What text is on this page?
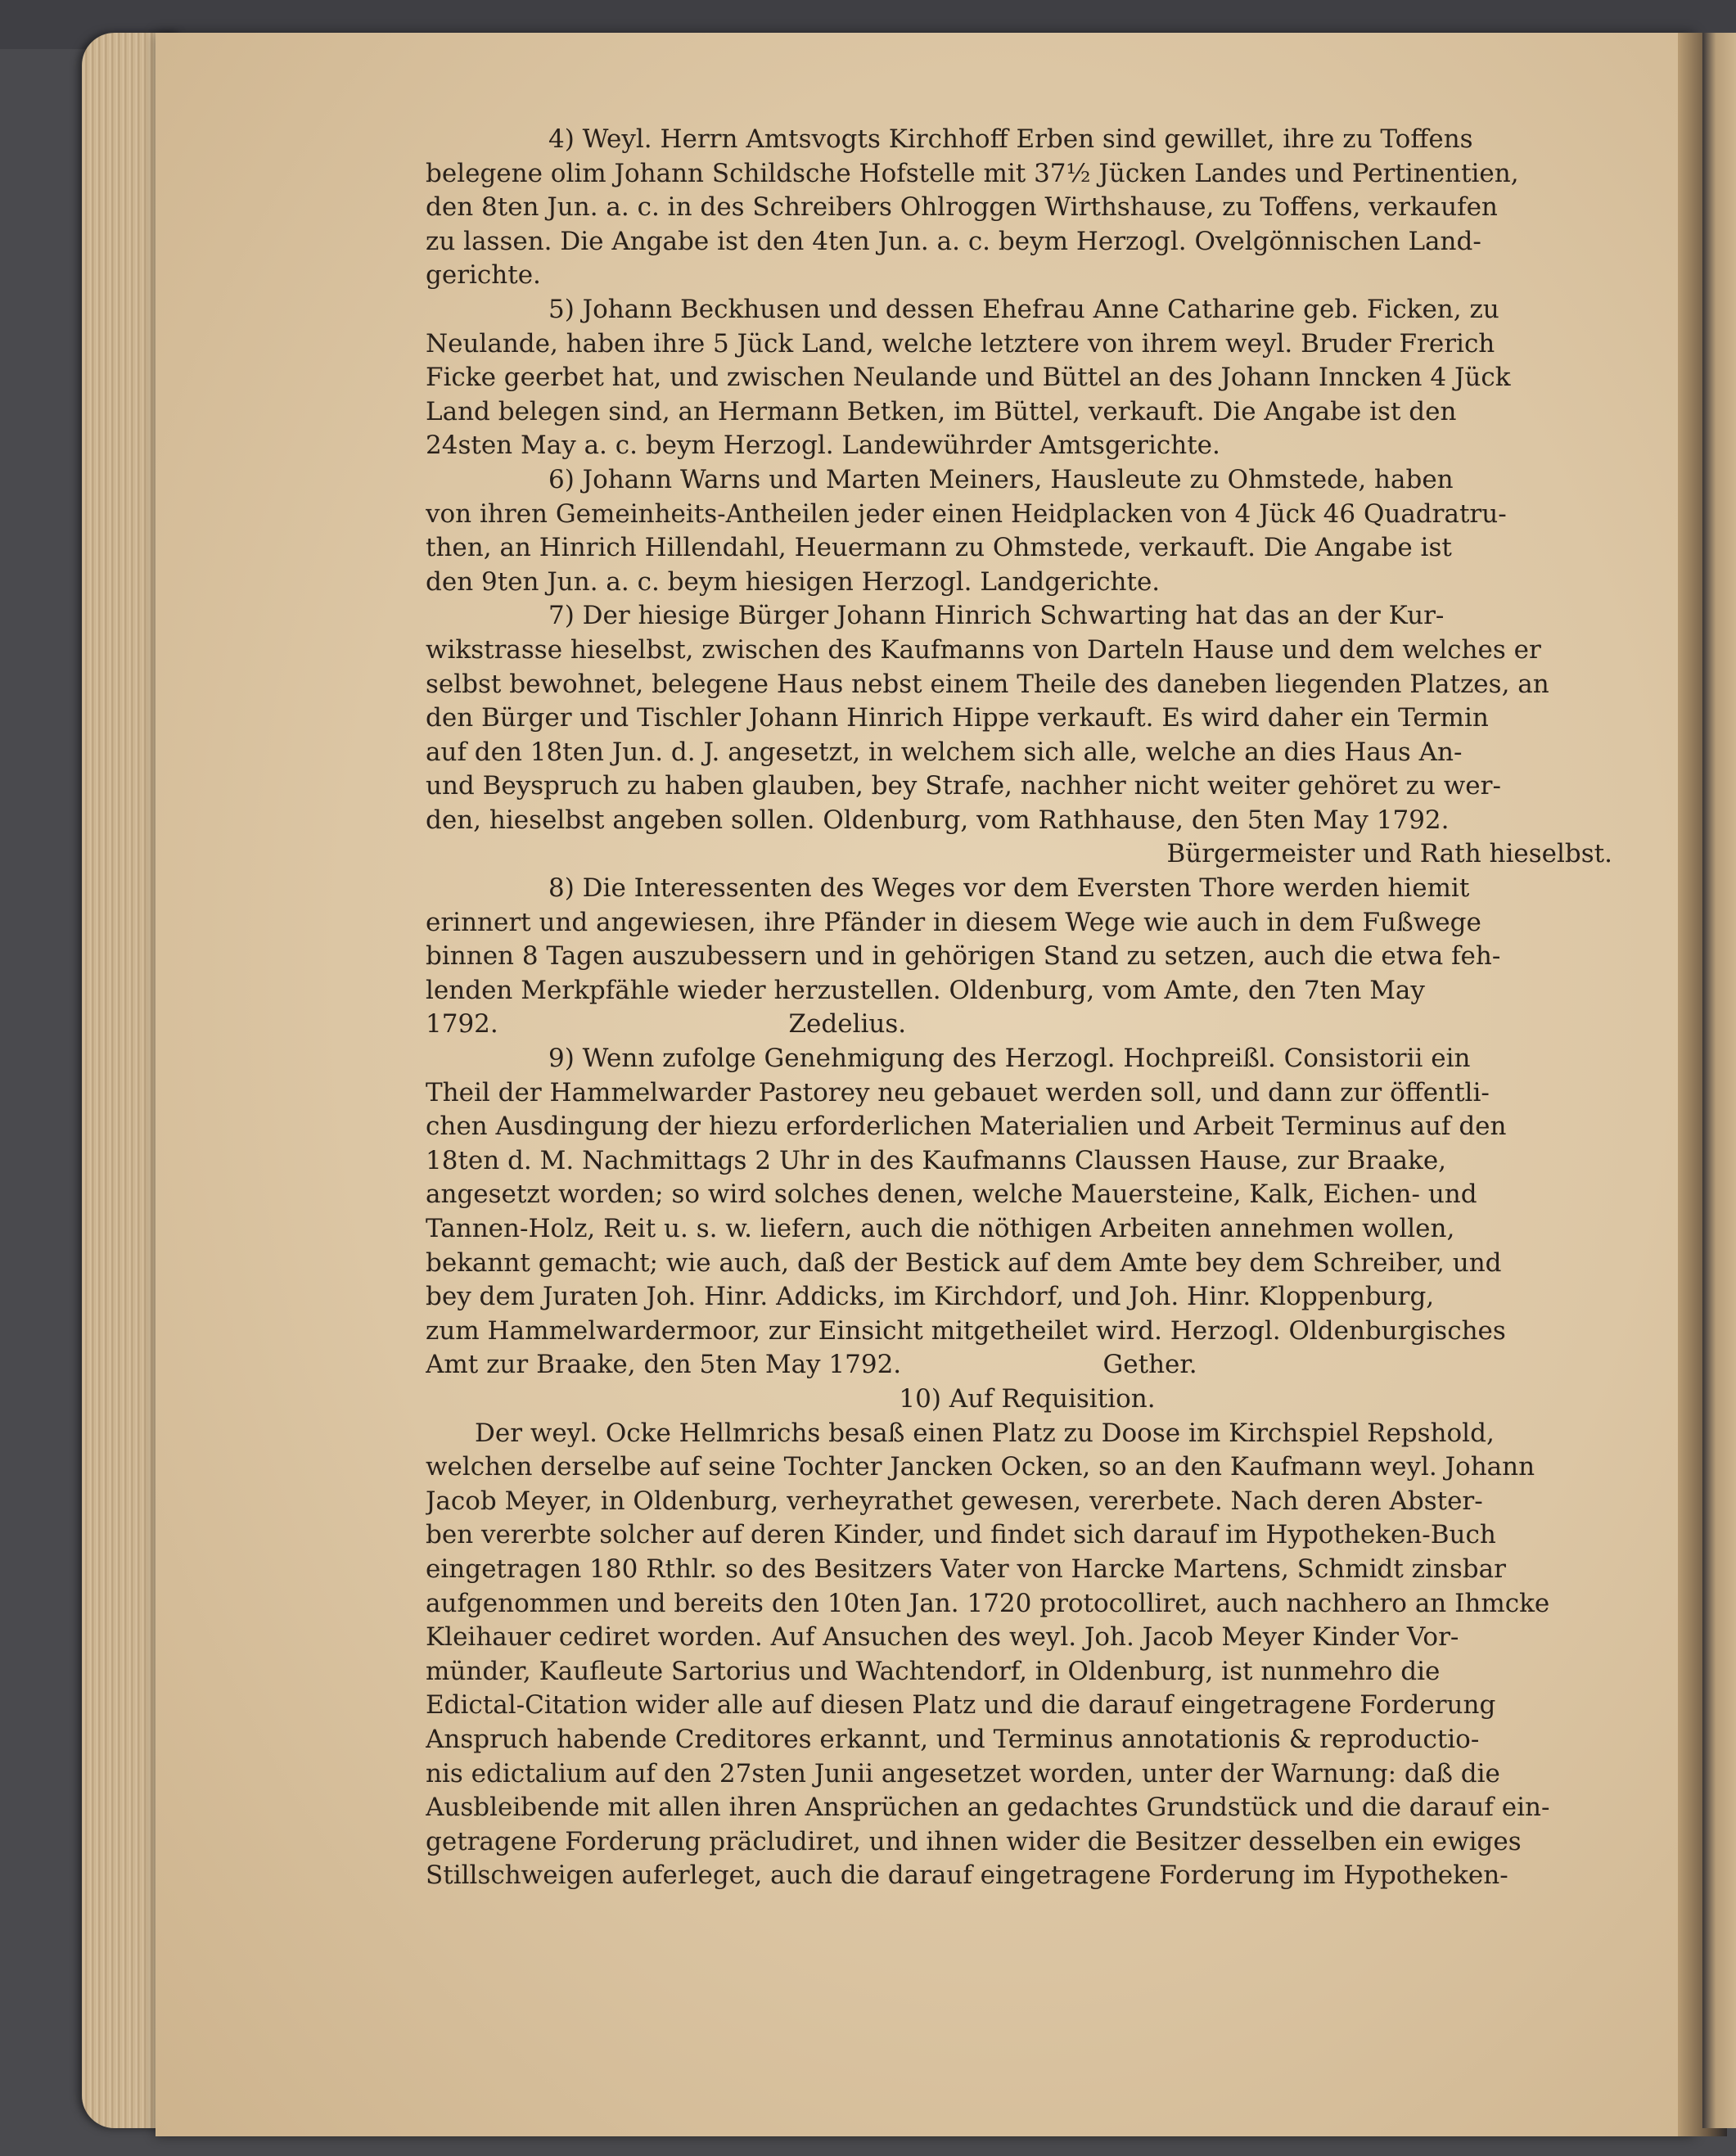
4) Weyl. Herrn Amtsvogts Kirchhoff Erben sind gewillet, ihre zu Toffens
belegene olim Johann Schildsche Hofstelle mit 37½ Jücken Landes und Pertinentien,
den 8ten Jun. a. c. in des Schreibers Ohlroggen Wirthshause, zu Toffens, verkaufen
zu lassen. Die Angabe ist den 4ten Jun. a. c. beym Herzogl. Ovelgönnischen Land-
gerichte.
5) Johann Beckhusen und dessen Ehefrau Anne Catharine geb. Ficken, zu
Neulande, haben ihre 5 Jück Land, welche letztere von ihrem weyl. Bruder Frerich
Ficke geerbet hat, und zwischen Neulande und Büttel an des Johann Inncken 4 Jück
Land belegen sind, an Hermann Betken, im Büttel, verkauft. Die Angabe ist den
24sten May a. c. beym Herzogl. Landewührder Amtsgerichte.
6) Johann Warns und Marten Meiners, Hausleute zu Ohmstede, haben
von ihren Gemeinheits-Antheilen jeder einen Heidplacken von 4 Jück 46 Quadratru-
then, an Hinrich Hillendahl, Heuermann zu Ohmstede, verkauft. Die Angabe ist
den 9ten Jun. a. c. beym hiesigen Herzogl. Landgerichte.
7) Der hiesige Bürger Johann Hinrich Schwarting hat das an der Kur-
wikstrasse hieselbst, zwischen des Kaufmanns von Darteln Hause und dem welches er
selbst bewohnet, belegene Haus nebst einem Theile des daneben liegenden Platzes, an
den Bürger und Tischler Johann Hinrich Hippe verkauft. Es wird daher ein Termin
auf den 18ten Jun. d. J. angesetzt, in welchem sich alle, welche an dies Haus An-
und Beyspruch zu haben glauben, bey Strafe, nachher nicht weiter gehöret zu wer-
den, hieselbst angeben sollen. Oldenburg, vom Rathhause, den 5ten May 1792.
Bürgermeister und Rath hieselbst.
8) Die Interessenten des Weges vor dem Eversten Thore werden hiemit
erinnert und angewiesen, ihre Pfänder in diesem Wege wie auch in dem Fußwege
binnen 8 Tagen auszubessern und in gehörigen Stand zu setzen, auch die etwa feh-
lenden Merkpfähle wieder herzustellen. Oldenburg, vom Amte, den 7ten May
1792.                                    Zedelius.
9) Wenn zufolge Genehmigung des Herzogl. Hochpreißl. Consistorii ein
Theil der Hammelwarder Pastorey neu gebauet werden soll, und dann zur öffentli-
chen Ausdingung der hiezu erforderlichen Materialien und Arbeit Terminus auf den
18ten d. M. Nachmittags 2 Uhr in des Kaufmanns Claussen Hause, zur Braake,
angesetzt worden; so wird solches denen, welche Mauersteine, Kalk, Eichen- und
Tannen-Holz, Reit u. s. w. liefern, auch die nöthigen Arbeiten annehmen wollen,
bekannt gemacht; wie auch, daß der Bestick auf dem Amte bey dem Schreiber, und
bey dem Juraten Joh. Hinr. Addicks, im Kirchdorf, und Joh. Hinr. Kloppenburg,
zum Hammelwardermoor, zur Einsicht mitgetheilet wird. Herzogl. Oldenburgisches
Amt zur Braake, den 5ten May 1792.                         Gether.
10) Auf Requisition.
Der weyl. Ocke Hellmrichs besaß einen Platz zu Doose im Kirchspiel Repshold,
welchen derselbe auf seine Tochter Jancken Ocken, so an den Kaufmann weyl. Johann
Jacob Meyer, in Oldenburg, verheyrathet gewesen, vererbete. Nach deren Abster-
ben vererbte solcher auf deren Kinder, und findet sich darauf im Hypotheken-Buch
eingetragen 180 Rthlr. so des Besitzers Vater von Harcke Martens, Schmidt zinsbar
aufgenommen und bereits den 10ten Jan. 1720 protocolliret, auch nachhero an Ihmcke
Kleihauer cediret worden. Auf Ansuchen des weyl. Joh. Jacob Meyer Kinder Vor-
münder, Kaufleute Sartorius und Wachtendorf, in Oldenburg, ist nunmehro die
Edictal-Citation wider alle auf diesen Platz und die darauf eingetragene Forderung
Anspruch habende Creditores erkannt, und Terminus annotationis & reproductio-
nis edictalium auf den 27sten Junii angesetzet worden, unter der Warnung: daß die
Ausbleibende mit allen ihren Ansprüchen an gedachtes Grundstück und die darauf ein-
getragene Forderung präcludiret, und ihnen wider die Besitzer desselben ein ewiges
Stillschweigen auferleget, auch die darauf eingetragene Forderung im Hypotheken-
